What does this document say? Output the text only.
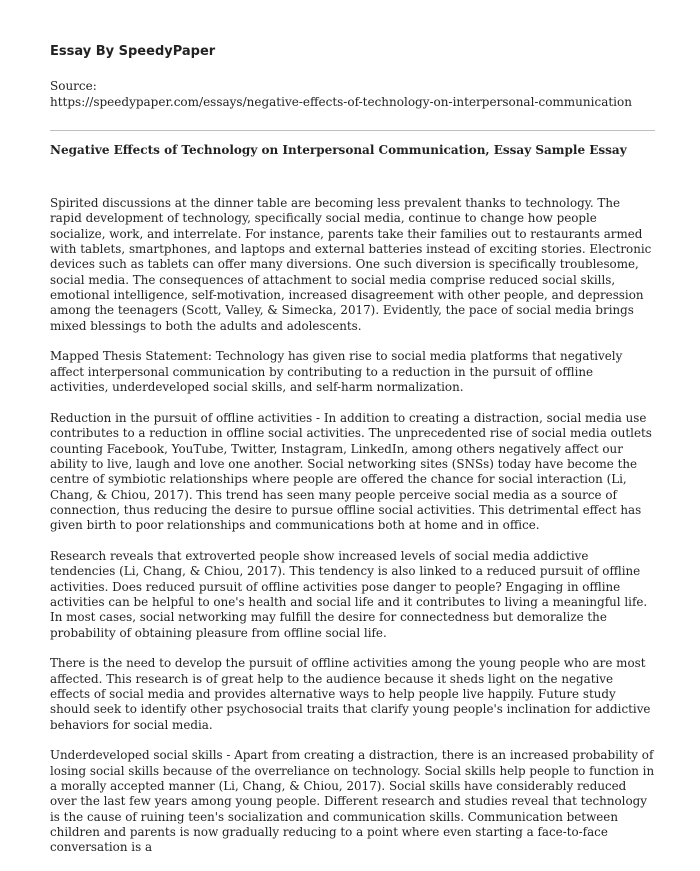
Essay By SpeedyPaper
Source:
https://speedypaper.com/essays/negative-effects-of-technology-on-interpersonal-communication
Negative Effects of Technology on Interpersonal Communication, Essay Sample Essay

Spirited discussions at the dinner table are becoming less prevalent thanks to technology. The rapid development of technology, specifically social media, continue to change how people socialize, work, and interrelate. For instance, parents take their families out to restaurants armed with tablets, smartphones, and laptops and external batteries instead of exciting stories. Electronic devices such as tablets can offer many diversions. One such diversion is specifically troublesome, social media. The consequences of attachment to social media comprise reduced social skills, emotional intelligence, self-motivation, increased disagreement with other people, and depression among the teenagers (Scott, Valley, & Simecka, 2017). Evidently, the pace of social media brings mixed blessings to both the adults and adolescents.

Mapped Thesis Statement: Technology has given rise to social media platforms that negatively affect interpersonal communication by contributing to a reduction in the pursuit of offline activities, underdeveloped social skills, and self-harm normalization.

Reduction in the pursuit of offline activities - In addition to creating a distraction, social media use contributes to a reduction in offline social activities. The unprecedented rise of social media outlets counting Facebook, YouTube, Twitter, Instagram, LinkedIn, among others negatively affect our ability to live, laugh and love one another. Social networking sites (SNSs) today have become the centre of symbiotic relationships where people are offered the chance for social interaction (Li, Chang, & Chiou, 2017). This trend has seen many people perceive social media as a source of connection, thus reducing the desire to pursue offline social activities. This detrimental effect has given birth to poor relationships and communications both at home and in office.

Research reveals that extroverted people show increased levels of social media addictive tendencies (Li, Chang, & Chiou, 2017). This tendency is also linked to a reduced pursuit of offline activities. Does reduced pursuit of offline activities pose danger to people? Engaging in offline activities can be helpful to one's health and social life and it contributes to living a meaningful life. In most cases, social networking may fulfill the desire for connectedness but demoralize the probability of obtaining pleasure from offline social life.

There is the need to develop the pursuit of offline activities among the young people who are most affected. This research is of great help to the audience because it sheds light on the negative effects of social media and provides alternative ways to help people live happily. Future study should seek to identify other psychosocial traits that clarify young people's inclination for addictive behaviors for social media.

Underdeveloped social skills - Apart from creating a distraction, there is an increased probability of losing social skills because of the overreliance on technology. Social skills help people to function in a morally accepted manner (Li, Chang, & Chiou, 2017). Social skills have considerably reduced over the last few years among young people. Different research and studies reveal that technology is the cause of ruining teen's socialization and communication skills. Communication between children and parents is now gradually reducing to a point where even starting a face-to-face conversation is a
